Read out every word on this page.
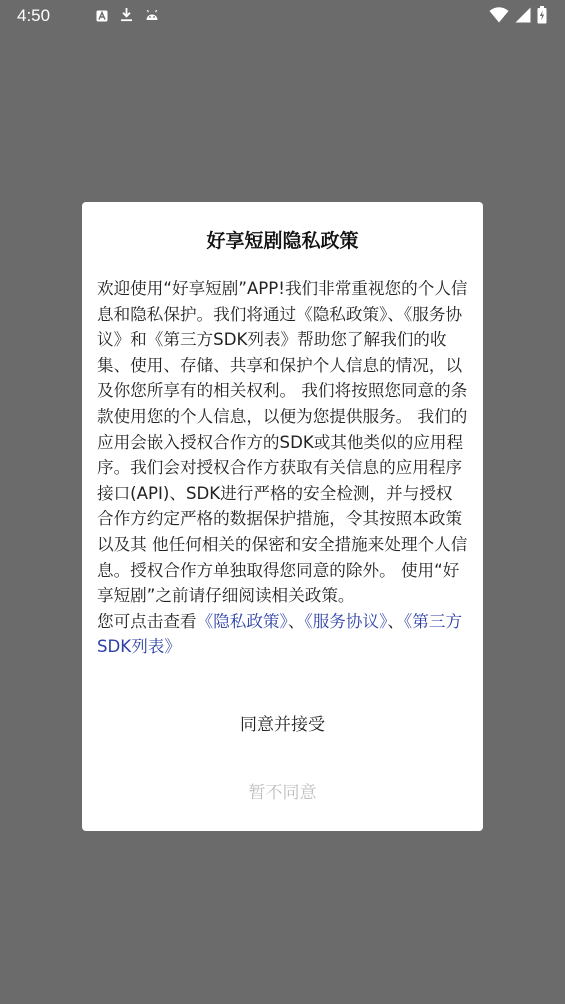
4:50
好享短剧隐私政策
欢迎使用“好享短剧”APP!我们非常重视您的个人信息和隐私保护。我们将通过《隐私政策》、《服务协议》和《第三方SDK列表》帮助您了解我们的收集、使用、存储、共享和保护个人信息的情况，以及你您所享有的相关权利。 我们将按照您同意的条款使用您的个人信息，以便为您提供服务。 我们的应用会嵌入授权合作方的SDK或其他类似的应用程序。我们会对授权合作方获取有关信息的应用程序接口(API)、SDK进行严格的安全检测，并与授权合作方约定严格的数据保护措施，令其按照本政策以及其 他任何相关的保密和安全措施来处理个人信息。授权合作方单独取得您同意的除外。 使用“好享短剧”之前请仔细阅读相关政策。
您可点击查看《隐私政策》、《服务协议》、《第三方SDK列表》
同意并接受
暂不同意
